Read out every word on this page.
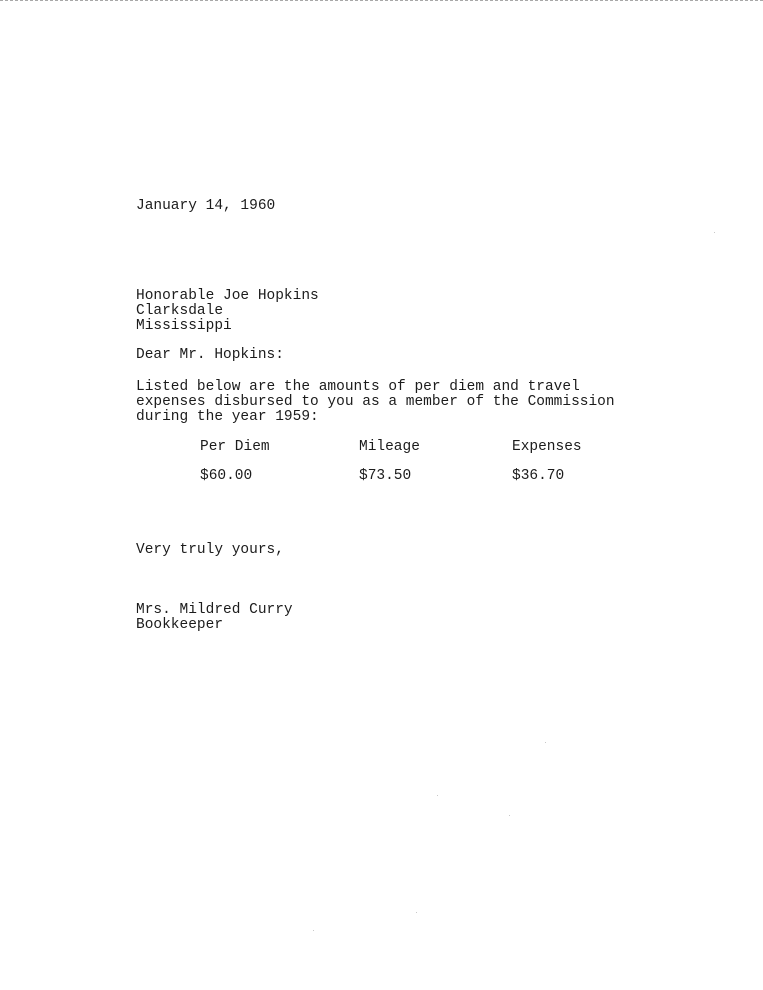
January 14, 1960
Honorable Joe Hopkins
Clarksdale
Mississippi
Dear Mr. Hopkins:
Listed below are the amounts of per diem and travel
expenses disbursed to you as a member of the Commission
during the year 1959:
Per Diem	Mileage	Expenses
$60.00	$73.50	$36.70
Very truly yours,
Mrs. Mildred Curry
Bookkeeper
